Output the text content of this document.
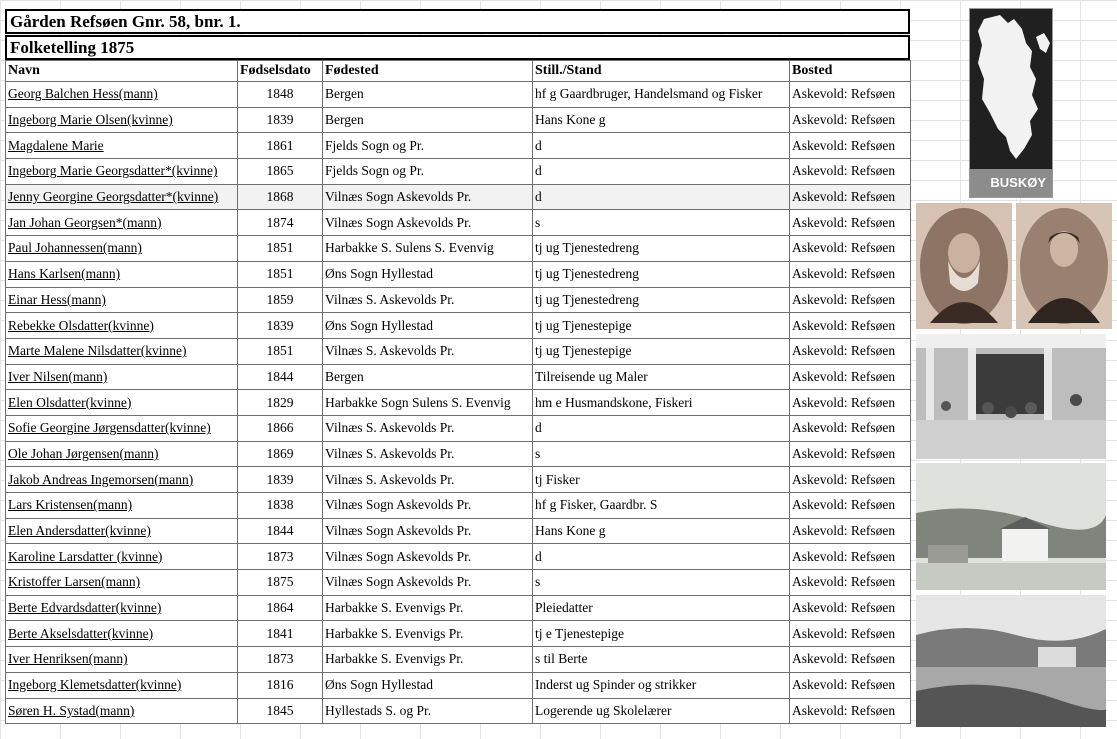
Gården Refsøen Gnr. 58, bnr. 1.
Folketelling 1875
Navn	Fødselsdato	Fødested	Still./Stand	Bosted
Georg Balchen Hess(mann)	1848	Bergen	hf g Gaardbruger, Handelsmand og Fisker	Askevold: Refsøen
Ingeborg Marie Olsen(kvinne)	1839	Bergen	Hans Kone g	Askevold: Refsøen
Magdalene Marie	1861	Fjelds Sogn og Pr.	d	Askevold: Refsøen
Ingeborg Marie Georgsdatter*(kvinne)	1865	Fjelds Sogn og Pr.	d	Askevold: Refsøen
Jenny Georgine Georgsdatter*(kvinne)	1868	Vilnæs Sogn Askevolds Pr.	d	Askevold: Refsøen
Jan Johan Georgsen*(mann)	1874	Vilnæs Sogn Askevolds Pr.	s	Askevold: Refsøen
Paul Johannessen(mann)	1851	Harbakke S. Sulens S. Evenvig	tj ug Tjenestedreng	Askevold: Refsøen
Hans Karlsen(mann)	1851	Øns Sogn Hyllestad	tj ug Tjenestedreng	Askevold: Refsøen
Einar Hess(mann)	1859	Vilnæs S. Askevolds Pr.	tj ug Tjenestedreng	Askevold: Refsøen
Rebekke Olsdatter(kvinne)	1839	Øns Sogn Hyllestad	tj ug Tjenestepige	Askevold: Refsøen
Marte Malene Nilsdatter(kvinne)	1851	Vilnæs S. Askevolds Pr.	tj ug Tjenestepige	Askevold: Refsøen
Iver Nilsen(mann)	1844	Bergen	Tilreisende ug Maler	Askevold: Refsøen
Elen Olsdatter(kvinne)	1829	Harbakke Sogn Sulens S. Evenvig	hm e Husmandskone, Fiskeri	Askevold: Refsøen
Sofie Georgine Jørgensdatter(kvinne)	1866	Vilnæs S. Askevolds Pr.	d	Askevold: Refsøen
Ole Johan Jørgensen(mann)	1869	Vilnæs S. Askevolds Pr.	s	Askevold: Refsøen
Jakob Andreas Ingemorsen(mann)	1839	Vilnæs S. Askevolds Pr.	tj Fisker	Askevold: Refsøen
Lars Kristensen(mann)	1838	Vilnæs Sogn Askevolds Pr.	hf g Fisker, Gaardbr. S	Askevold: Refsøen
Elen Andersdatter(kvinne)	1844	Vilnæs Sogn Askevolds Pr.	Hans Kone g	Askevold: Refsøen
Karoline Larsdatter (kvinne)	1873	Vilnæs Sogn Askevolds Pr.	d	Askevold: Refsøen
Kristoffer Larsen(mann)	1875	Vilnæs Sogn Askevolds Pr.	s	Askevold: Refsøen
Berte Edvardsdatter(kvinne)	1864	Harbakke S. Evenvigs Pr.	Pleiedatter	Askevold: Refsøen
Berte Akselsdatter(kvinne)	1841	Harbakke S. Evenvigs Pr.	tj e Tjenestepige	Askevold: Refsøen
Iver Henriksen(mann)	1873	Harbakke S. Evenvigs Pr.	s til Berte	Askevold: Refsøen
Ingeborg Klemetsdatter(kvinne)	1816	Øns Sogn Hyllestad	Inderst ug Spinder og strikker	Askevold: Refsøen
Søren H. Systad(mann)	1845	Hyllestads S. og Pr.	Logerende ug Skolelærer	Askevold: Refsøen
BUSKØY
